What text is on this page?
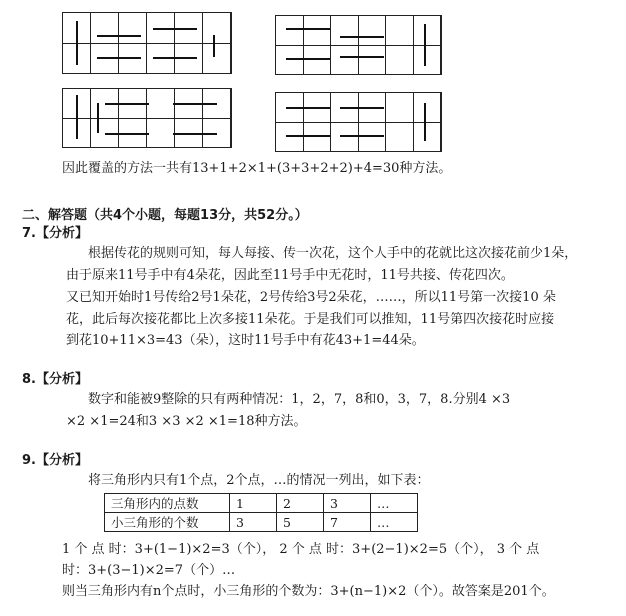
因此覆盖的方法一共有13+1+2×1+(3+3+2+2)+4=30种方法。
二、解答题（共4个小题，每题13分，共52分。）
7.【分析】
根据传花的规则可知，每人每接、传一次花，这个人手中的花就比这次接花前少1朵，
由于原来11号手中有4朵花，因此至11号手中无花时，11号共接、传花四次。
又已知开始时1号传给2号1朵花，2号传给3号2朵花，……，所以11号第一次接10 朵
花，此后每次接花都比上次多接11朵花。于是我们可以推知，11号第四次接花时应接
到花10+11×3=43（朵），这时11号手中有花43+1=44朵。
8.【分析】
数字和能被9整除的只有两种情况：1，2，7，8和0，3，7，8.分别4 ×3
×2 ×1=24和3 ×3 ×2 ×1=18种方法。
9.【分析】
将三角形内只有1个点，2个点，…的情况一列出，如下表：
三角形内的点数	1	2	3	…
小三角形的个数	3	5	7	…
1 个 点 时：3+(1−1)×2=3（个）， 2 个 点 时：3+(2−1)×2=5（个）， 3 个 点
时：3+(3−1)×2=7（个）…
则当三角形内有n个点时，小三角形的个数为：3+(n−1)×2（个）。故答案是201个。
